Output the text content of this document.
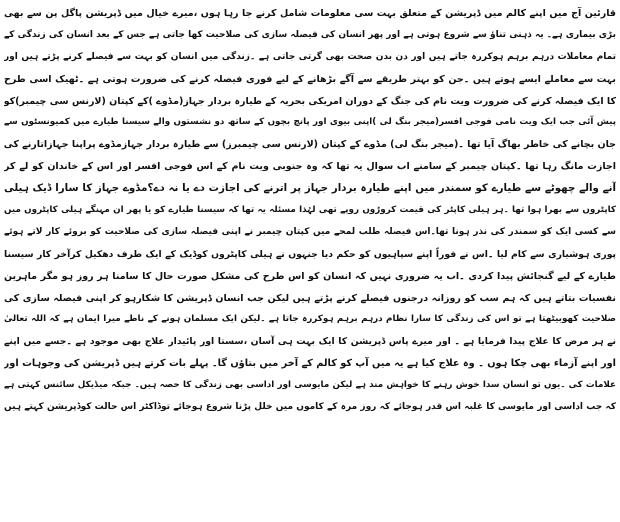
قارئین آج میں اپنے کالم میں ڈپریشن کے متعلق بہت سی معلومات شامل کرنے جا رہا ہوں ،میرے خیال میں ڈپریشن پاگل پن سے بھی
بڑی بیماری ہے۔ یہ ذہنی تناؤ سے شروع ہوتی ہے اور پھر انسان کی فیصلہ سازی کی صلاحیت کھا جاتی ہے جس کے بعد انسان کی زندگی کے
تمام معاملات درہم برہم ہوکررہ جاتے ہیں اور دن بدن صحت بھی گرتی جاتی ہے ۔زندگی میں انسان کو بہت سے فیصلے کرنے پڑتے ہیں اور
بہت سے معاملے ایسے ہوتے ہیں ۔جن کو بہتر طریقے سے آگے بڑھانے کے لیے فوری فیصلہ کرنے کی ضرورت ہوتی ہے ۔ٹھیک اسی طرح
کا ایک فیصلہ کرنے کی ضرورت ویت نام کی جنگ کے دوران امریکی بحریہ کے طیارہ بردار جہاز(مڈوے )کے کپتان (لارنس سی چیمبر)کو
پیش آئی جب ایک ویت نامی فوجی افسر(میجر بنگ لی )اپنی بیوی اور پانچ بچوں کے ساتھ دو نشستوں والے سیسنا طیارے میں کمیونسٹوں سے
جان بچانے کی خاطر بھاگ آیا تھا ۔(میجر بنگ لی) مڈوے کے کپتان (لارنس سی چیمبرز) سے طیارہ بردار جہازمڈوے پراپنا جہازاتارنے کی
اجازت مانگ رہا تھا ۔کپتان چیمبر کے سامنے اب سوال یہ تھا کہ وہ جنوبی ویت نام کے اس فوجی افسر اور اس کے خاندان کو لے کر
آنے والے چھوٹے سے طیارے کو سمندر میں اپنے طیارہ بردار جہاز پر اترنے کی اجازت دے یا نہ دے؟مڈوے جہاز کا سارا ڈیک ہیلی
کاپٹروں سے بھرا ہوا تھا ۔ہر ہیلی کاپٹر کی قیمت کروڑوں روپے تھی لہٰذا مسئلہ یہ تھا کہ سیسنا طیارے کو یا پھر ان مہنگے ہیلی کاپٹروں میں
سے کسی ایک کو سمندر کی نذر ہونا تھا۔اس فیصلہ طلب لمحے میں کپتان چیمبر نے اپنی فیصلہ سازی کی صلاحیت کو بروئے کار لاتے ہوئے
پوری ہوشیاری سے کام لیا ۔اس نے فوراً اپنے سپاہیوں کو حکم دیا جنہوں نے ہیلی کاپٹروں کوڈیک کے ایک طرف دھکیل کرآخر کار سیسنا
طیارے کے لیے گنجائش پیدا کردی ۔اب یہ ضروری نہیں کہ انسان کو اس طرح کی مشکل صورت حال کا سامنا ہر روز ہو مگر ماہرین
نفسیات بتاتے ہیں کہ ہم سب کو روزانہ درجنوں فیصلے کرنے پڑتے ہیں لیکن جب انسان ڈپریشن کا شکارہو کر اپنی فیصلہ سازی کی
صلاحیت کھوبیٹھتا ہے تو اس کی زندگی کا سارا نظام درہم برہم ہوکررہ جاتا ہے ۔لیکن ایک مسلمان ہونے کے ناطے میرا ایمان ہے کہ اللہ تعالیٰ
نے ہر مرض کا علاج پیدا فرمایا ہے ۔ اور میرے پاس ڈپریشن کا ایک بہت ہی آسان ،سستا اور پائیدار علاج بھی موجود ہے ۔جسے میں اپنے
اور اپنے آزماء بھی چکا ہوں ۔ وہ علاج کیا ہے یہ میں آپ کو کالم کے آخر میں بتاؤں گا۔ پہلے بات کرتے ہیں ڈپریشن کی وجوہات اور
علامات کی ۔یوں تو انسان سدا خوش رہنے کا خواہش مند ہے لیکن مایوسی اور اداسی بھی زندگی کا حصہ ہیں۔ جبکہ میڈیکل سائنس کہتی ہے
کہ جب اداسی اور مایوسی کا غلبہ اس قدر ہوجائے کہ روز مرہ کے کاموں میں خلل پڑنا شروع ہوجائے توڈاکٹر اس حالت کوڈپریشن کہتے ہیں
